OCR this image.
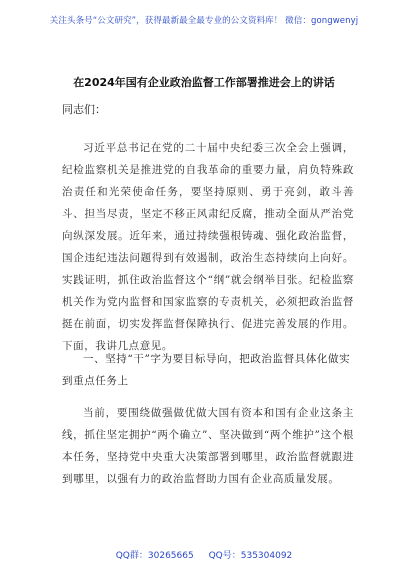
关注头条号“公文研究”，获得最新最全最专业的公文资料库！ 微信：gongwenyj
在2024年国有企业政治监督工作部署推进会上的讲话
同志们：

习近平总书记在党的二十届中央纪委三次全会上强调，纪检监察机关是推进党的自我革命的重要力量，肩负特殊政治责任和光荣使命任务，要坚持原则、勇于亮剑，敢斗善斗、担当尽责，坚定不移正风肃纪反腐，推动全面从严治党向纵深发展。近年来，通过持续强根铸魂、强化政治监督，国企违纪违法问题得到有效遏制，政治生态持续向上向好。实践证明，抓住政治监督这个“纲”就会纲举目张。纪检监察机关作为党内监督和国家监察的专责机关，必须把政治监督挺在前面，切实发挥监督保障执行、促进完善发展的作用。下面，我讲几点意见。

一、坚持“干”字为要目标导向，把政治监督具体化做实到重点任务上

当前，要围绕做强做优做大国有资本和国有企业这条主线，抓住坚定拥护“两个确立”、坚决做到“两个维护”这个根本任务，坚持党中央重大决策部署到哪里，政治监督就跟进到哪里，以强有力的政治监督助力国有企业高质量发展。

QQ群：30265665 QQ号：535304092
